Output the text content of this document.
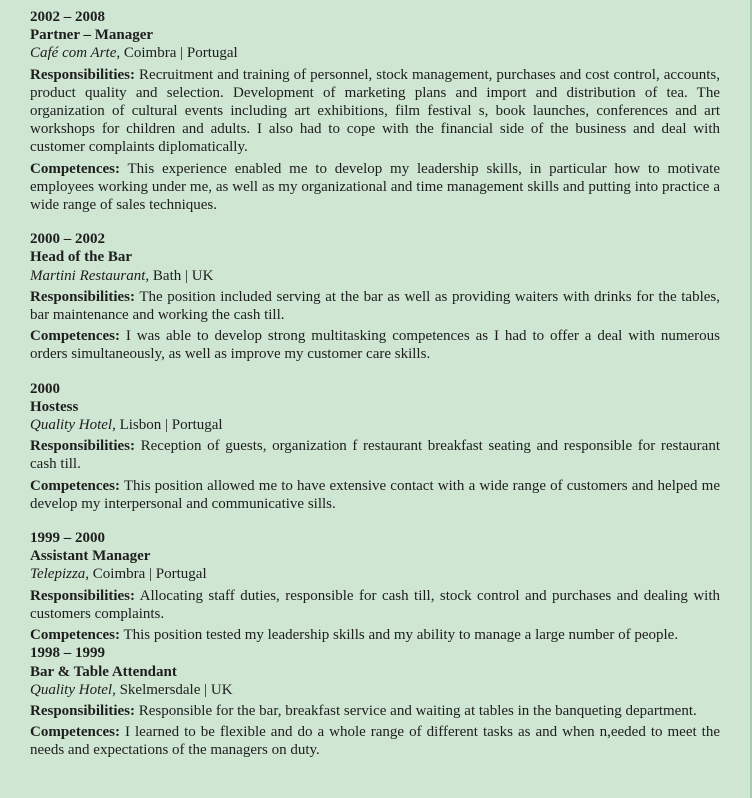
2002 – 2008

Partner – Manager

Café com Arte, Coimbra | Portugal

Responsibilities: Recruitment and training of personnel, stock management, purchases and cost control, accounts, product quality and selection. Development of marketing plans and import and distribution of tea. The organization of cultural events including art exhibitions, film festival s, book launches, conferences and art workshops for children and adults. I also had to cope with the financial side of the business and deal with customer complaints diplomatically.

Competences: This experience enabled me to develop my leadership skills, in particular how to motivate employees working under me, as well as my organizational and time management skills and putting into practice a wide range of sales techniques.

2000 – 2002

Head of the Bar

Martini Restaurant, Bath | UK

Responsibilities: The position included serving at the bar as well as providing waiters with drinks for the tables, bar maintenance and working the cash till.

Competences: I was able to develop strong multitasking competences as I had to offer a deal with numerous orders simultaneously, as well as improve my customer care skills.

2000

Hostess

Quality Hotel, Lisbon | Portugal

Responsibilities: Reception of guests, organization f restaurant breakfast seating and responsible for restaurant cash till.

Competences: This position allowed me to have extensive contact with a wide range of customers and helped me develop my interpersonal and communicative sills.

1999 – 2000

Assistant Manager

Telepizza, Coimbra | Portugal

Responsibilities: Allocating staff duties, responsible for cash till, stock control and purchases and dealing with customers complaints.

Competences: This position tested my leadership skills and my ability to manage a large number of people.

1998 – 1999

Bar & Table Attendant

Quality Hotel, Skelmersdale | UK

Responsibilities: Responsible for the bar, breakfast service and waiting at tables in the banqueting department.

Competences: I learned to be flexible and do a whole range of different tasks as and when n,eeded to meet the needs and expectations of the managers on duty.
